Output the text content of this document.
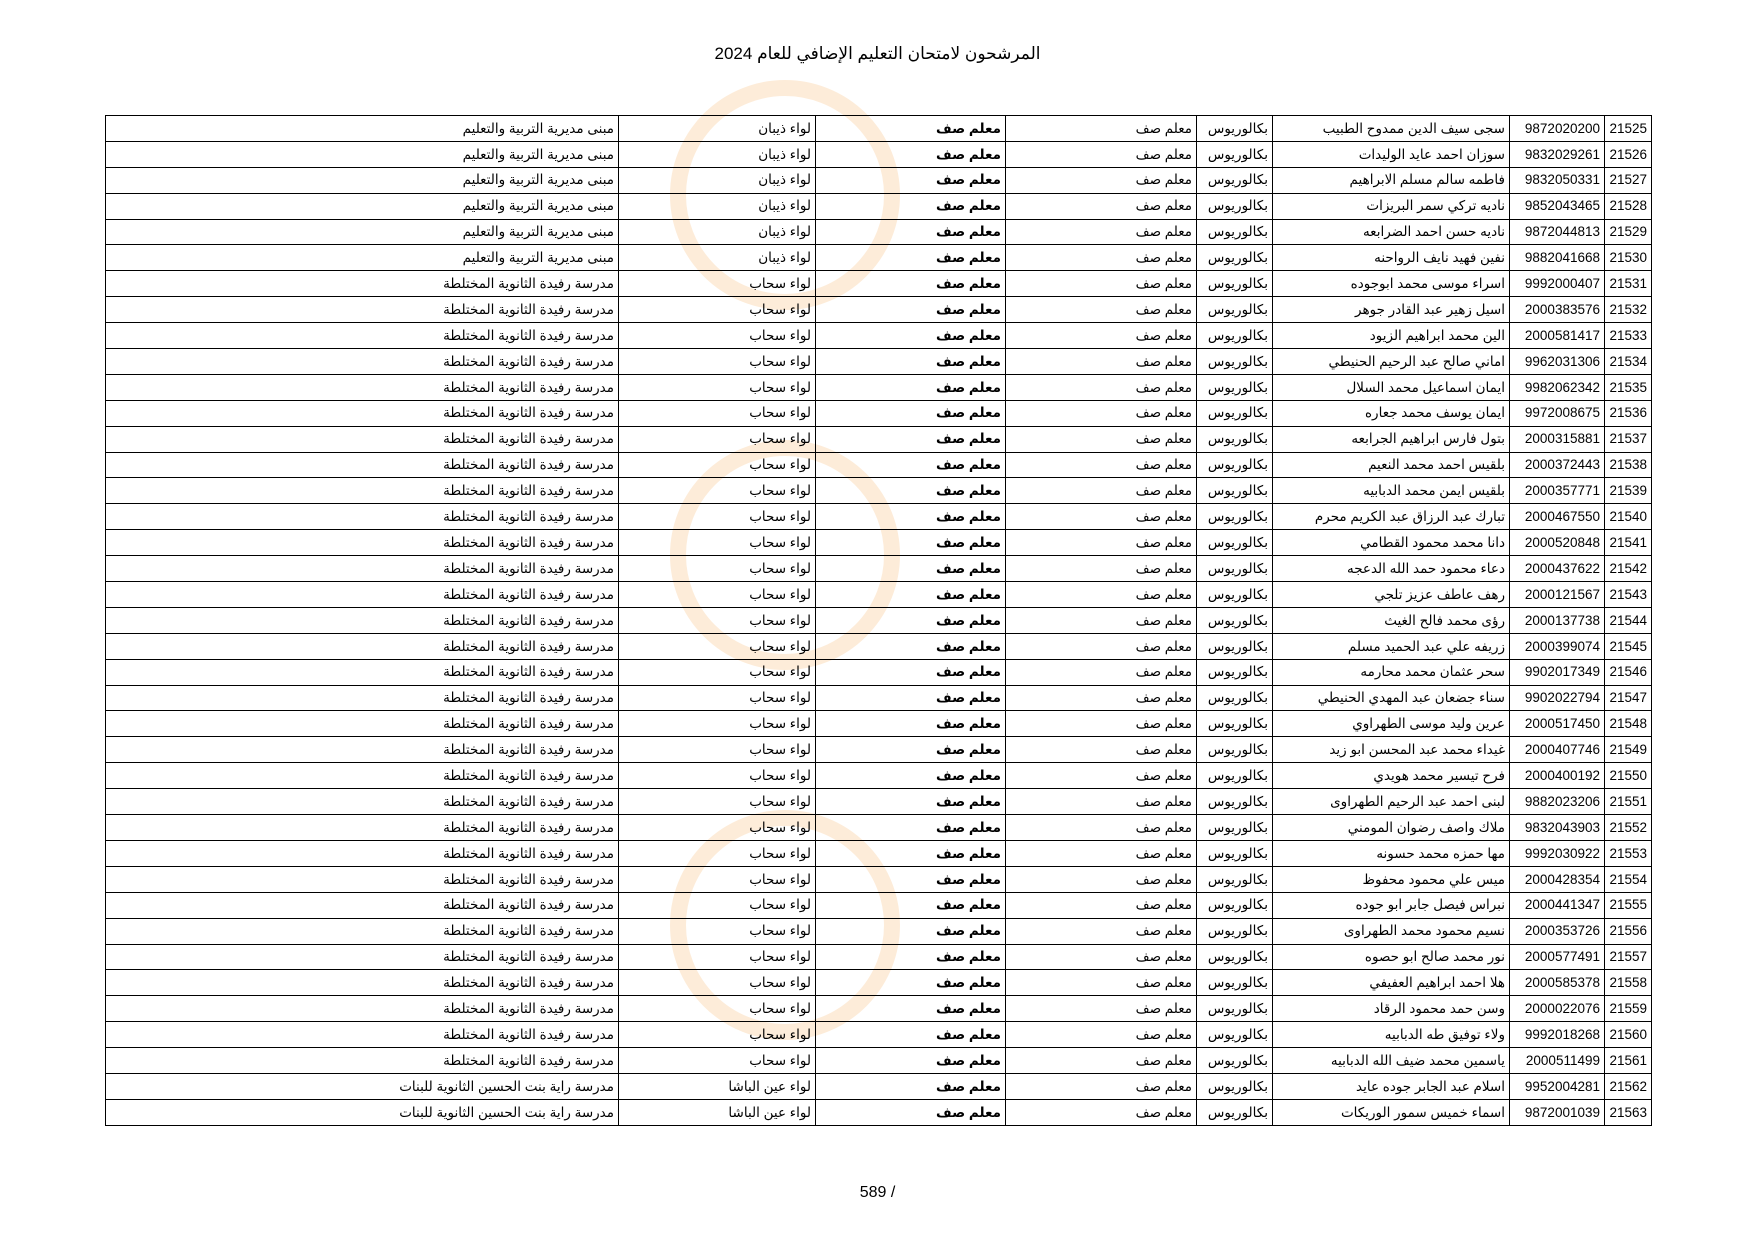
المرشحون لامتحان التعليم الإضافي للعام 2024
21525	9872020200	سجى سيف الدين ممدوح الطبيب	بكالوريوس	معلم صف	معلم صف	لواء ذيبان	مبنى مديرية التربية والتعليم
21526	9832029261	سوزان احمد عايد الوليدات	بكالوريوس	معلم صف	معلم صف	لواء ذيبان	مبنى مديرية التربية والتعليم
21527	9832050331	فاطمه سالم مسلم الابراهيم	بكالوريوس	معلم صف	معلم صف	لواء ذيبان	مبنى مديرية التربية والتعليم
21528	9852043465	ناديه تركي سمر البريزات	بكالوريوس	معلم صف	معلم صف	لواء ذيبان	مبنى مديرية التربية والتعليم
21529	9872044813	ناديه حسن احمد الضرابعه	بكالوريوس	معلم صف	معلم صف	لواء ذيبان	مبنى مديرية التربية والتعليم
21530	9882041668	نفين فهيد نايف الرواحنه	بكالوريوس	معلم صف	معلم صف	لواء ذيبان	مبنى مديرية التربية والتعليم
21531	9992000407	اسراء موسى محمد ابوجوده	بكالوريوس	معلم صف	معلم صف	لواء سحاب	مدرسة رفيدة الثانوية المختلطة
21532	2000383576	اسيل زهير عبد القادر جوهر	بكالوريوس	معلم صف	معلم صف	لواء سحاب	مدرسة رفيدة الثانوية المختلطة
21533	2000581417	الين محمد ابراهيم الزيود	بكالوريوس	معلم صف	معلم صف	لواء سحاب	مدرسة رفيدة الثانوية المختلطة
21534	9962031306	اماني صالح عبد الرحيم الحنيطي	بكالوريوس	معلم صف	معلم صف	لواء سحاب	مدرسة رفيدة الثانوية المختلطة
21535	9982062342	ايمان اسماعيل محمد السلال	بكالوريوس	معلم صف	معلم صف	لواء سحاب	مدرسة رفيدة الثانوية المختلطة
21536	9972008675	ايمان يوسف محمد جعاره	بكالوريوس	معلم صف	معلم صف	لواء سحاب	مدرسة رفيدة الثانوية المختلطة
21537	2000315881	بتول فارس ابراهيم الجرابعه	بكالوريوس	معلم صف	معلم صف	لواء سحاب	مدرسة رفيدة الثانوية المختلطة
21538	2000372443	بلقيس احمد محمد النعيم	بكالوريوس	معلم صف	معلم صف	لواء سحاب	مدرسة رفيدة الثانوية المختلطة
21539	2000357771	بلقيس ايمن محمد الدبابيه	بكالوريوس	معلم صف	معلم صف	لواء سحاب	مدرسة رفيدة الثانوية المختلطة
21540	2000467550	تبارك عبد الرزاق عبد الكريم محرم	بكالوريوس	معلم صف	معلم صف	لواء سحاب	مدرسة رفيدة الثانوية المختلطة
21541	2000520848	دانا محمد محمود القطامي	بكالوريوس	معلم صف	معلم صف	لواء سحاب	مدرسة رفيدة الثانوية المختلطة
21542	2000437622	دعاء محمود حمد الله الدعجه	بكالوريوس	معلم صف	معلم صف	لواء سحاب	مدرسة رفيدة الثانوية المختلطة
21543	2000121567	رهف عاطف عزيز تلجي	بكالوريوس	معلم صف	معلم صف	لواء سحاب	مدرسة رفيدة الثانوية المختلطة
21544	2000137738	رؤى محمد فالح الغيث	بكالوريوس	معلم صف	معلم صف	لواء سحاب	مدرسة رفيدة الثانوية المختلطة
21545	2000399074	زريفه علي عبد الحميد مسلم	بكالوريوس	معلم صف	معلم صف	لواء سحاب	مدرسة رفيدة الثانوية المختلطة
21546	9902017349	سحر عثمان محمد محارمه	بكالوريوس	معلم صف	معلم صف	لواء سحاب	مدرسة رفيدة الثانوية المختلطة
21547	9902022794	سناء جضعان عبد المهدي الحنيطي	بكالوريوس	معلم صف	معلم صف	لواء سحاب	مدرسة رفيدة الثانوية المختلطة
21548	2000517450	عرين وليد موسى الطهراوي	بكالوريوس	معلم صف	معلم صف	لواء سحاب	مدرسة رفيدة الثانوية المختلطة
21549	2000407746	غيداء محمد عبد المحسن ابو زيد	بكالوريوس	معلم صف	معلم صف	لواء سحاب	مدرسة رفيدة الثانوية المختلطة
21550	2000400192	فرح تيسير محمد هويدي	بكالوريوس	معلم صف	معلم صف	لواء سحاب	مدرسة رفيدة الثانوية المختلطة
21551	9882023206	لبنى احمد عبد الرحيم الطهراوى	بكالوريوس	معلم صف	معلم صف	لواء سحاب	مدرسة رفيدة الثانوية المختلطة
21552	9832043903	ملاك واصف رضوان المومني	بكالوريوس	معلم صف	معلم صف	لواء سحاب	مدرسة رفيدة الثانوية المختلطة
21553	9992030922	مها حمزه محمد حسونه	بكالوريوس	معلم صف	معلم صف	لواء سحاب	مدرسة رفيدة الثانوية المختلطة
21554	2000428354	ميس علي محمود محفوظ	بكالوريوس	معلم صف	معلم صف	لواء سحاب	مدرسة رفيدة الثانوية المختلطة
21555	2000441347	نبراس فيصل جابر ابو جوده	بكالوريوس	معلم صف	معلم صف	لواء سحاب	مدرسة رفيدة الثانوية المختلطة
21556	2000353726	نسيم محمود محمد الطهراوى	بكالوريوس	معلم صف	معلم صف	لواء سحاب	مدرسة رفيدة الثانوية المختلطة
21557	2000577491	نور محمد صالح ابو حصوه	بكالوريوس	معلم صف	معلم صف	لواء سحاب	مدرسة رفيدة الثانوية المختلطة
21558	2000585378	هلا احمد ابراهيم العفيفي	بكالوريوس	معلم صف	معلم صف	لواء سحاب	مدرسة رفيدة الثانوية المختلطة
21559	2000022076	وسن حمد محمود الرقاد	بكالوريوس	معلم صف	معلم صف	لواء سحاب	مدرسة رفيدة الثانوية المختلطة
21560	9992018268	ولاء توفيق طه الدبابيه	بكالوريوس	معلم صف	معلم صف	لواء سحاب	مدرسة رفيدة الثانوية المختلطة
21561	2000511499	ياسمين محمد ضيف الله الدبابيه	بكالوريوس	معلم صف	معلم صف	لواء سحاب	مدرسة رفيدة الثانوية المختلطة
21562	9952004281	اسلام عبد الجابر جوده عايد	بكالوريوس	معلم صف	معلم صف	لواء عين الباشا	مدرسة راية بنت الحسين الثانوية للبنات
21563	9872001039	اسماء خميس سمور الوريكات	بكالوريوس	معلم صف	معلم صف	لواء عين الباشا	مدرسة راية بنت الحسين الثانوية للبنات
589 /
